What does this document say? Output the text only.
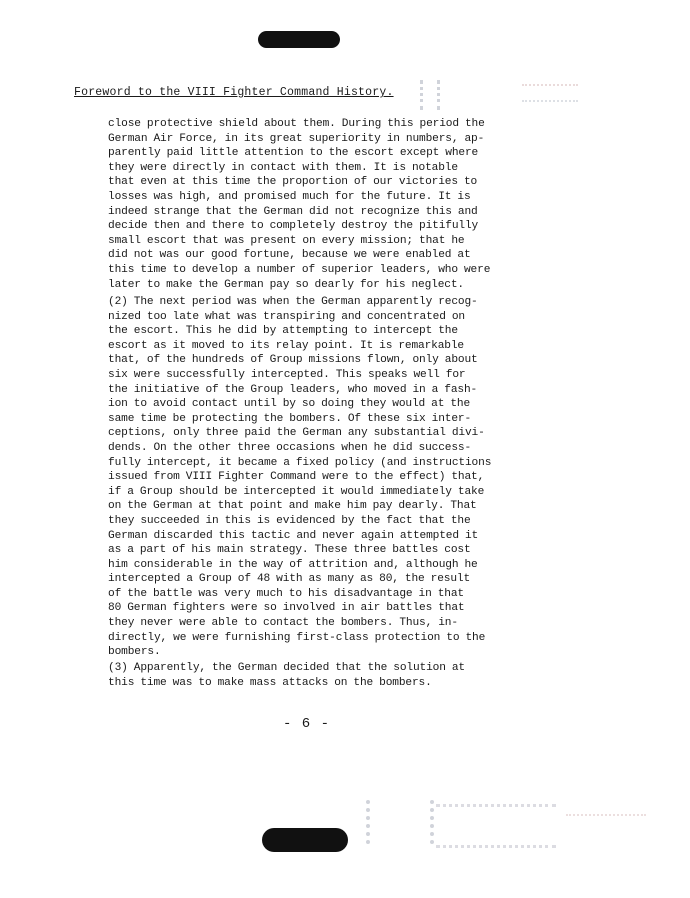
Foreword to the VIII Fighter Command History.
close protective shield about them. During this period the
German Air Force, in its great superiority in numbers, ap-
parently paid little attention to the escort except where
they were directly in contact with them. It is notable
that even at this time the proportion of our victories to
losses was high, and promised much for the future. It is
indeed strange that the German did not recognize this and
decide then and there to completely destroy the pitifully
small escort that was present on every mission; that he
did not was our good fortune, because we were enabled at
this time to develop a number of superior leaders, who were
later to make the German pay so dearly for his neglect.
(2) The next period was when the German apparently recog-
nized too late what was transpiring and concentrated on
the escort. This he did by attempting to intercept the
escort as it moved to its relay point. It is remarkable
that, of the hundreds of Group missions flown, only about
six were successfully intercepted. This speaks well for
the initiative of the Group leaders, who moved in a fash-
ion to avoid contact until by so doing they would at the
same time be protecting the bombers. Of these six inter-
ceptions, only three paid the German any substantial divi-
dends. On the other three occasions when he did success-
fully intercept, it became a fixed policy (and instructions
issued from VIII Fighter Command were to the effect) that,
if a Group should be intercepted it would immediately take
on the German at that point and make him pay dearly. That
they succeeded in this is evidenced by the fact that the
German discarded this tactic and never again attempted it
as a part of his main strategy. These three battles cost
him considerable in the way of attrition and, although he
intercepted a Group of 48 with as many as 80, the result
of the battle was very much to his disadvantage in that
80 German fighters were so involved in air battles that
they never were able to contact the bombers. Thus, in-
directly, we were furnishing first-class protection to the
bombers.
(3) Apparently, the German decided that the solution at
this time was to make mass attacks on the bombers.
- 6 -
